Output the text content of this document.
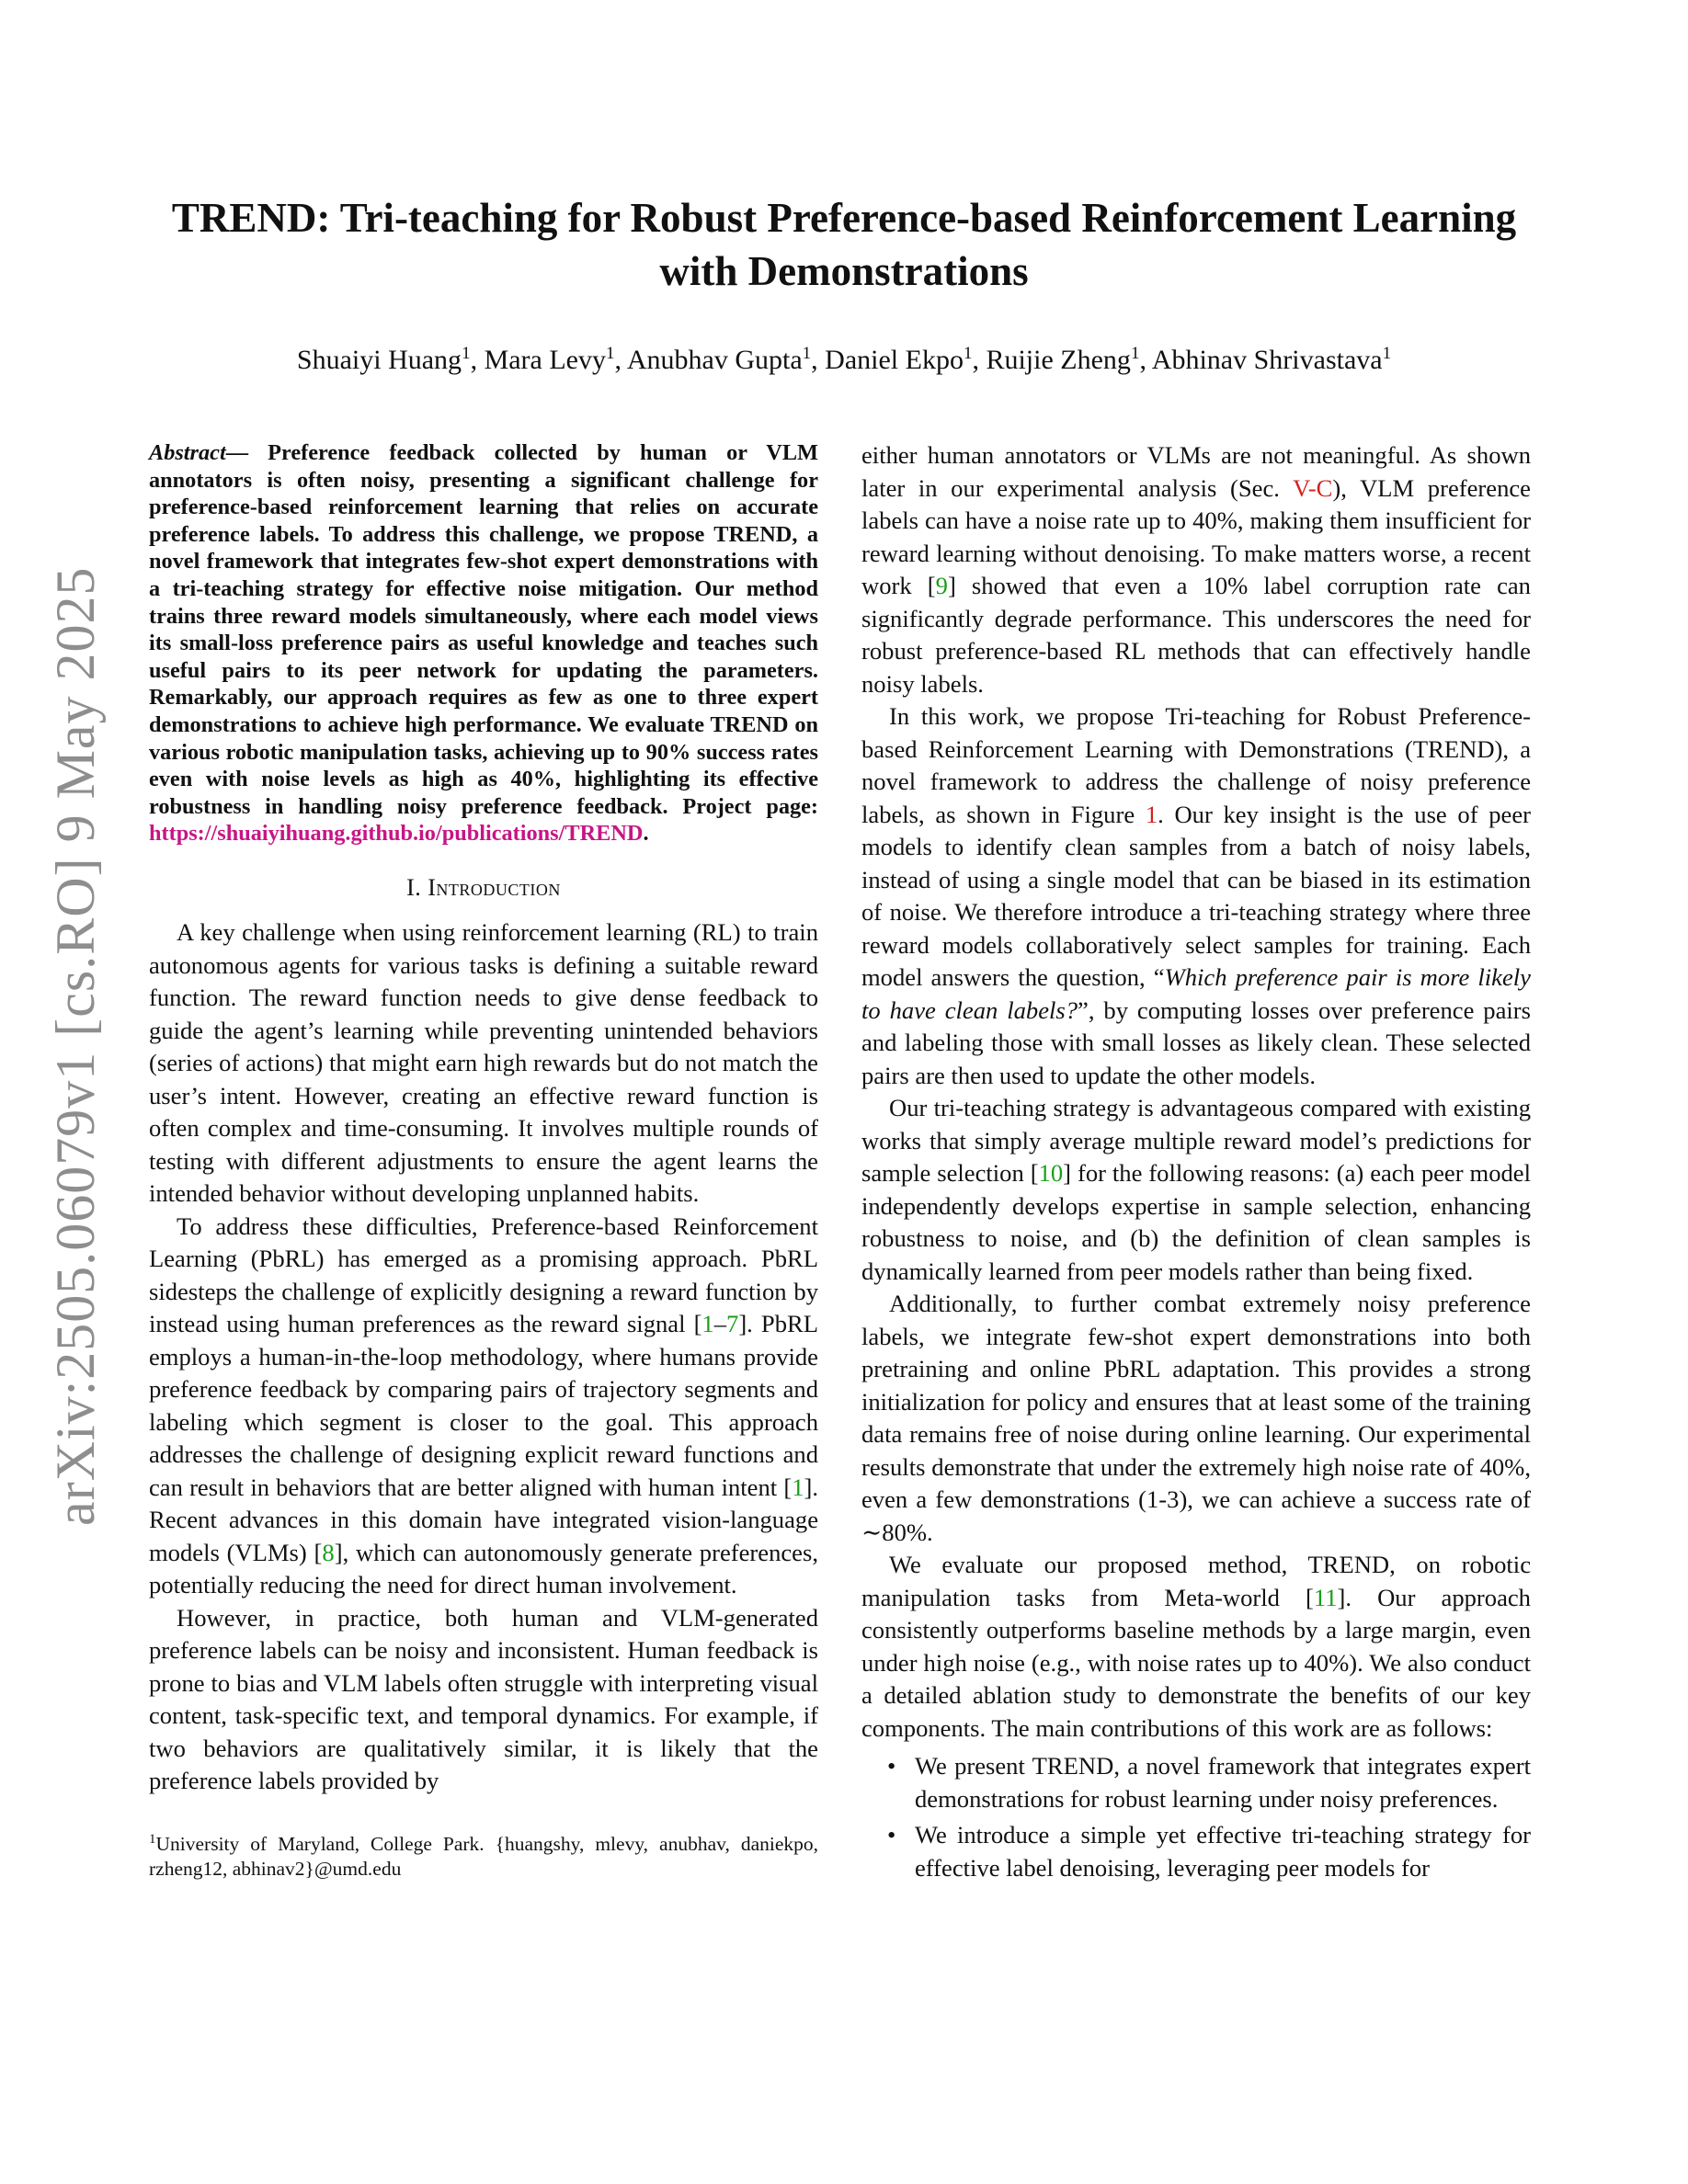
arXiv:2505.06079v1 [cs.RO] 9 May 2025
TREND: Tri-teaching for Robust Preference-based Reinforcement Learning with Demonstrations
Shuaiyi Huang$^1$, Mara Levy$^1$, Anubhav Gupta$^1$, Daniel Ekpo$^1$, Ruijie Zheng$^1$, Abhinav Shrivastava$^1$
Abstract— Preference feedback collected by human or VLM annotators is often noisy, presenting a significant challenge for preference-based reinforcement learning that relies on accurate preference labels. To address this challenge, we propose TREND, a novel framework that integrates few-shot expert demonstrations with a tri-teaching strategy for effective noise mitigation. Our method trains three reward models simultaneously, where each model views its small-loss preference pairs as useful knowledge and teaches such useful pairs to its peer network for updating the parameters. Remarkably, our approach requires as few as one to three expert demonstrations to achieve high performance. We evaluate TREND on various robotic manipulation tasks, achieving up to 90% success rates even with noise levels as high as 40%, highlighting its effective robustness in handling noisy preference feedback. Project page: https://shuaiyihuang.github.io/publications/TREND.
I. Introduction

A key challenge when using reinforcement learning (RL) to train autonomous agents for various tasks is defining a suitable reward function. The reward function needs to give dense feedback to guide the agent’s learning while preventing unintended behaviors (series of actions) that might earn high rewards but do not match the user’s intent. However, creating an effective reward function is often complex and time-consuming. It involves multiple rounds of testing with different adjustments to ensure the agent learns the intended behavior without developing unplanned habits.

To address these difficulties, Preference-based Reinforcement Learning (PbRL) has emerged as a promising approach. PbRL sidesteps the challenge of explicitly designing a reward function by instead using human preferences as the reward signal [1–7]. PbRL employs a human-in-the-loop methodology, where humans provide preference feedback by comparing pairs of trajectory segments and labeling which segment is closer to the goal. This approach addresses the challenge of designing explicit reward functions and can result in behaviors that are better aligned with human intent [1]. Recent advances in this domain have integrated vision-language models (VLMs) [8], which can autonomously generate preferences, potentially reducing the need for direct human involvement.

However, in practice, both human and VLM-generated preference labels can be noisy and inconsistent. Human feedback is prone to bias and VLM labels often struggle with interpreting visual content, task-specific text, and temporal dynamics. For example, if two behaviors are qualitatively similar, it is likely that the preference labels provided by

$^1$University of Maryland, College Park. {huangshy, mlevy, anubhav, daniekpo, rzheng12, abhinav2}@umd.edu

either human annotators or VLMs are not meaningful. As shown later in our experimental analysis (Sec. V-C), VLM preference labels can have a noise rate up to 40%, making them insufficient for reward learning without denoising. To make matters worse, a recent work [9] showed that even a 10% label corruption rate can significantly degrade performance. This underscores the need for robust preference-based RL methods that can effectively handle noisy labels.

In this work, we propose Tri-teaching for Robust Preference-based Reinforcement Learning with Demonstrations (TREND), a novel framework to address the challenge of noisy preference labels, as shown in Figure 1. Our key insight is the use of peer models to identify clean samples from a batch of noisy labels, instead of using a single model that can be biased in its estimation of noise. We therefore introduce a tri-teaching strategy where three reward models collaboratively select samples for training. Each model answers the question, “Which preference pair is more likely to have clean labels?”, by computing losses over preference pairs and labeling those with small losses as likely clean. These selected pairs are then used to update the other models.

Our tri-teaching strategy is advantageous compared with existing works that simply average multiple reward model’s predictions for sample selection [10] for the following reasons: (a) each peer model independently develops expertise in sample selection, enhancing robustness to noise, and (b) the definition of clean samples is dynamically learned from peer models rather than being fixed.

Additionally, to further combat extremely noisy preference labels, we integrate few-shot expert demonstrations into both pretraining and online PbRL adaptation. This provides a strong initialization for policy and ensures that at least some of the training data remains free of noise during online learning. Our experimental results demonstrate that under the extremely high noise rate of 40%, even a few demonstrations (1-3), we can achieve a success rate of ∼80%.

We evaluate our proposed method, TREND, on robotic manipulation tasks from Meta-world [11]. Our approach consistently outperforms baseline methods by a large margin, even under high noise (e.g., with noise rates up to 40%). We also conduct a detailed ablation study to demonstrate the benefits of our key components. The main contributions of this work are as follows:

• We present TREND, a novel framework that integrates expert demonstrations for robust learning under noisy preferences.
• We introduce a simple yet effective tri-teaching strategy for effective label denoising, leveraging peer models for
